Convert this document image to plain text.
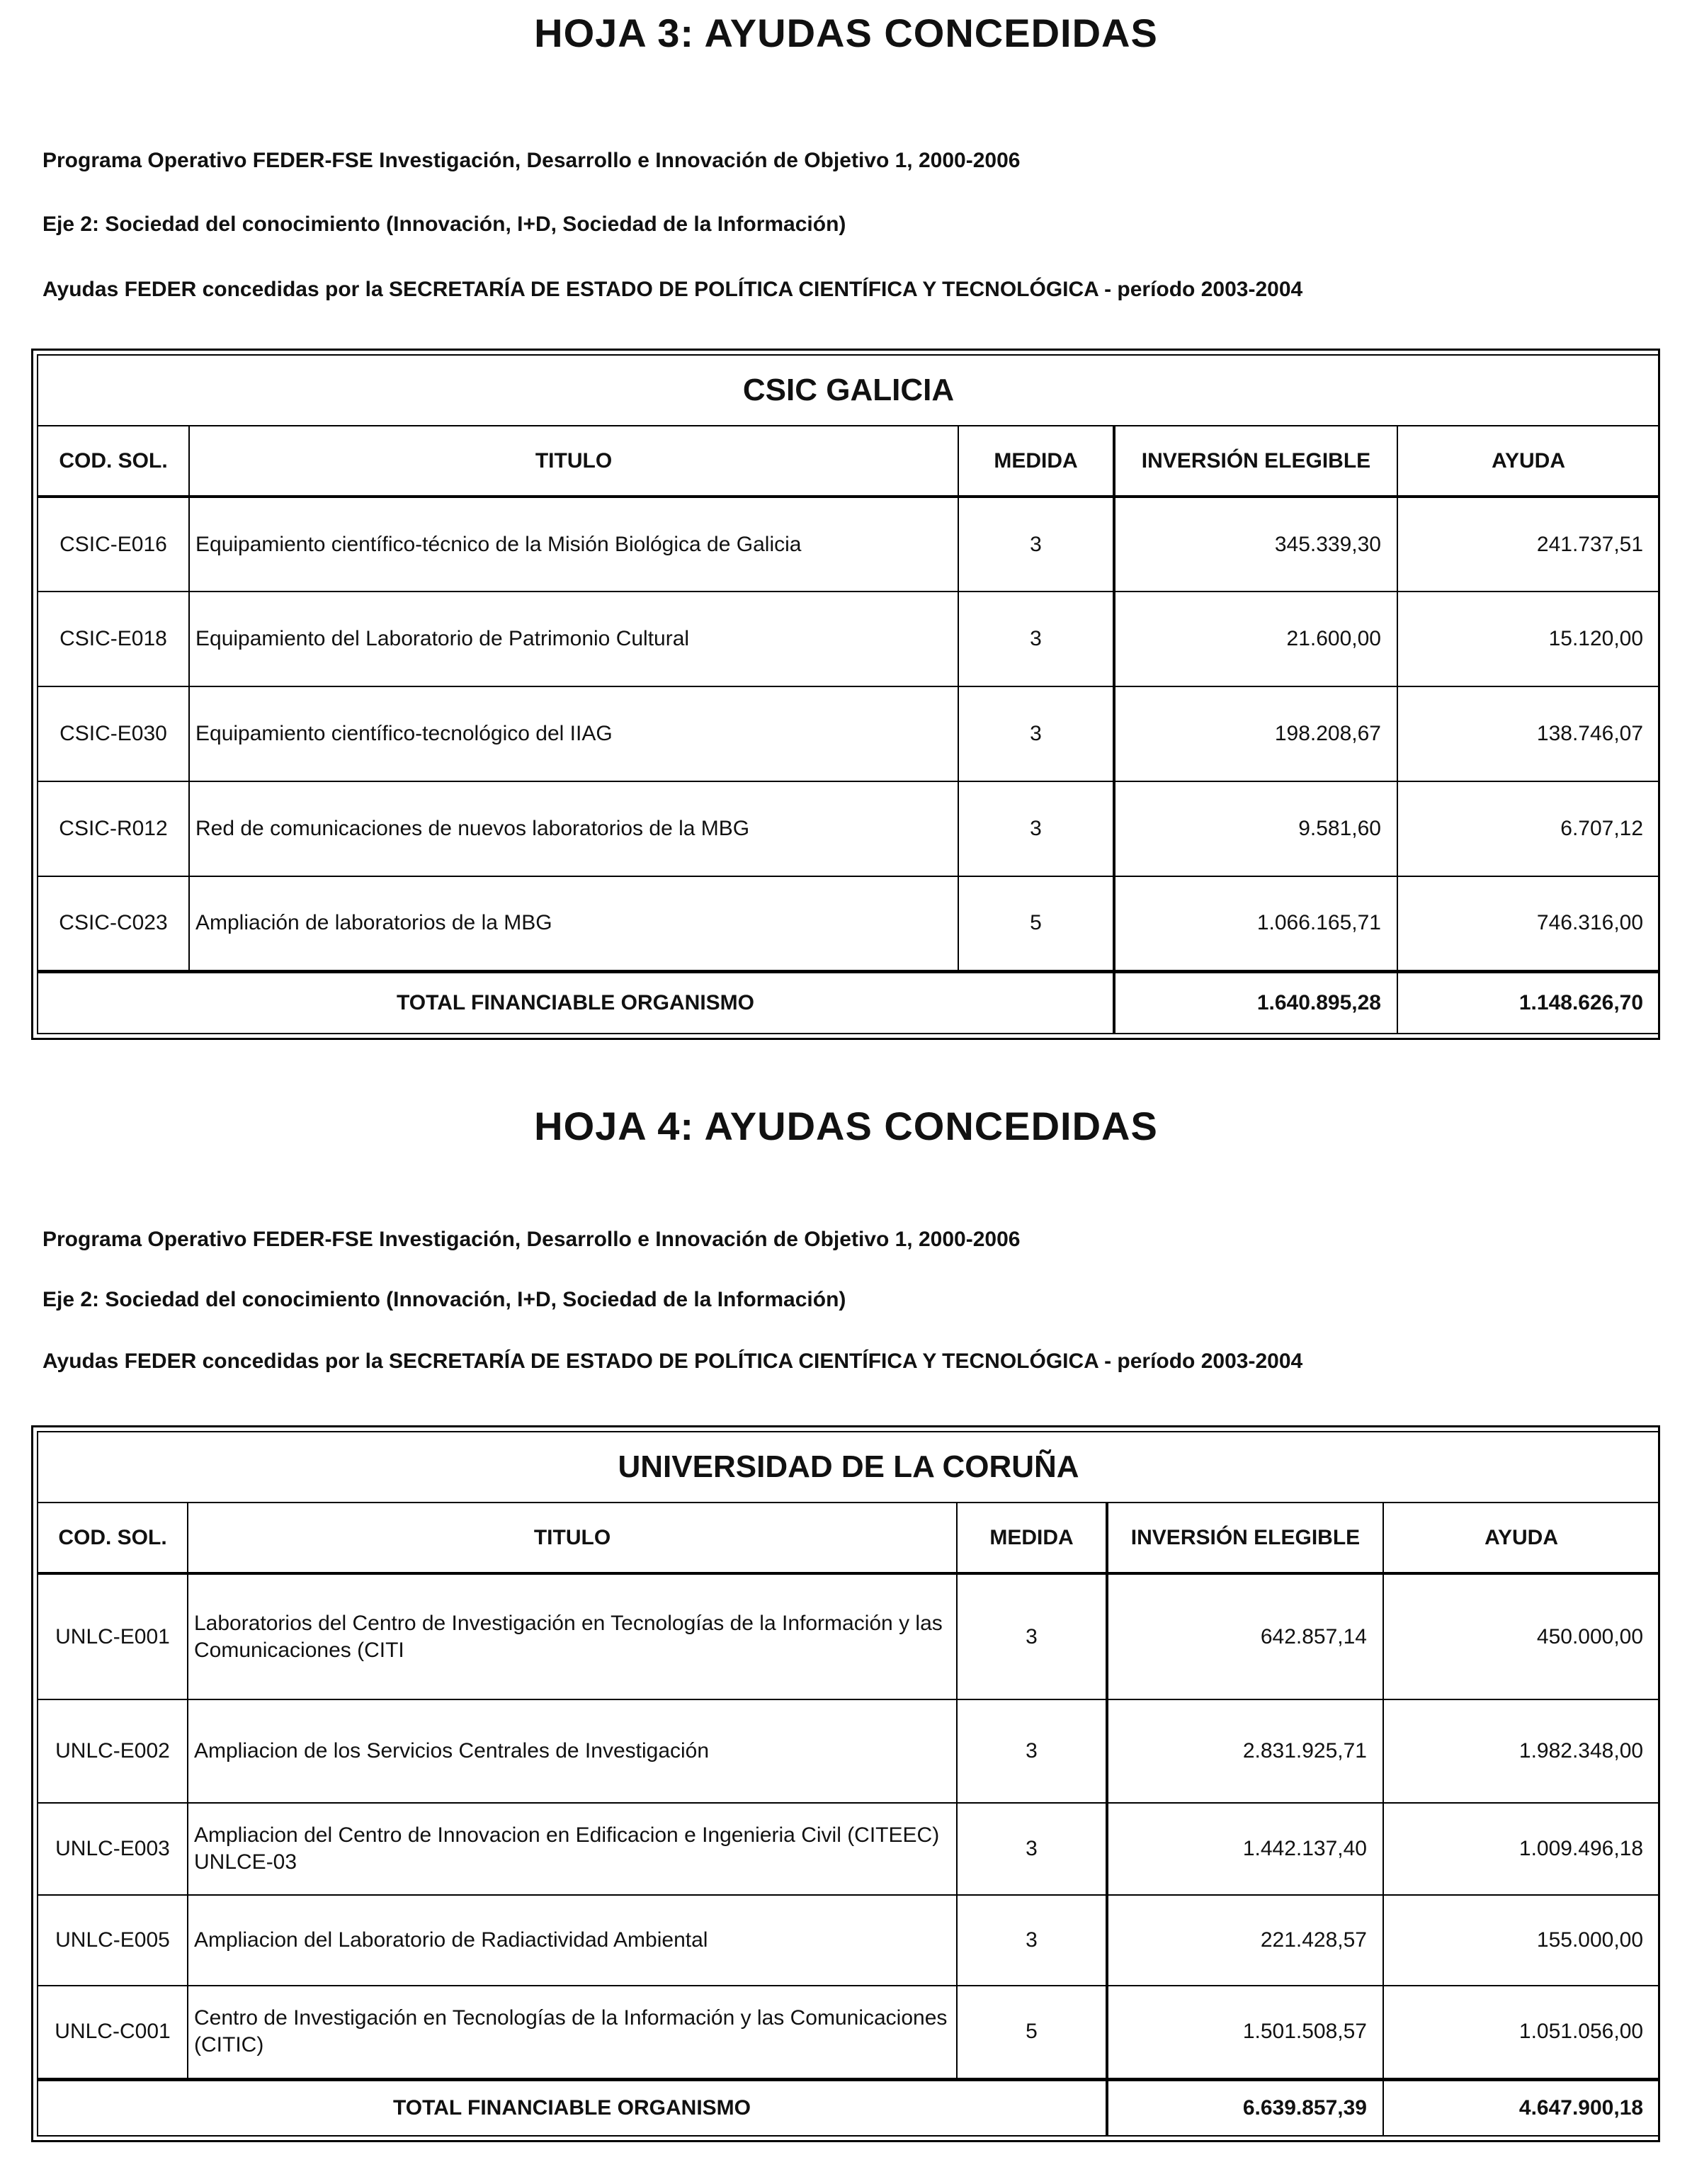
HOJA 3: AYUDAS CONCEDIDAS
Programa Operativo FEDER-FSE Investigación, Desarrollo e Innovación de Objetivo 1, 2000-2006
Eje 2: Sociedad del conocimiento (Innovación, I+D, Sociedad de la Información)
Ayudas FEDER concedidas por la SECRETARÍA DE ESTADO DE POLÍTICA CIENTÍFICA Y TECNOLÓGICA - período 2003-2004
CSIC GALICIA				
COD. SOL.	TITULO	MEDIDA	INVERSIÓN ELEGIBLE	AYUDA
CSIC-E016	Equipamiento científico-técnico de la Misión Biológica de Galicia	3	345.339,30	241.737,51
CSIC-E018	Equipamiento del Laboratorio de Patrimonio Cultural	3	21.600,00	15.120,00
CSIC-E030	Equipamiento científico-tecnológico del IIAG	3	198.208,67	138.746,07
CSIC-R012	Red de comunicaciones de nuevos laboratorios de la MBG	3	9.581,60	6.707,12
CSIC-C023	Ampliación de laboratorios de la MBG	5	1.066.165,71	746.316,00
TOTAL FINANCIABLE ORGANISMO			1.640.895,28	1.148.626,70
HOJA 4: AYUDAS CONCEDIDAS
Programa Operativo FEDER-FSE Investigación, Desarrollo e Innovación de Objetivo 1, 2000-2006
Eje 2: Sociedad del conocimiento (Innovación, I+D, Sociedad de la Información)
Ayudas FEDER concedidas por la SECRETARÍA DE ESTADO DE POLÍTICA CIENTÍFICA Y TECNOLÓGICA - período 2003-2004
UNIVERSIDAD DE LA CORUÑA				
COD. SOL.	TITULO	MEDIDA	INVERSIÓN ELEGIBLE	AYUDA
UNLC-E001	Laboratorios del Centro de Investigación en Tecnologías de la Información y las Comunicaciones (CITI	3	642.857,14	450.000,00
UNLC-E002	Ampliacion de los Servicios Centrales de Investigación	3	2.831.925,71	1.982.348,00
UNLC-E003	Ampliacion del Centro de Innovacion en Edificacion e Ingenieria Civil (CITEEC) UNLCE-03	3	1.442.137,40	1.009.496,18
UNLC-E005	Ampliacion del Laboratorio de Radiactividad Ambiental	3	221.428,57	155.000,00
UNLC-C001	Centro de Investigación en Tecnologías de la Información y las Comunicaciones (CITIC)	5	1.501.508,57	1.051.056,00
TOTAL FINANCIABLE ORGANISMO			6.639.857,39	4.647.900,18
